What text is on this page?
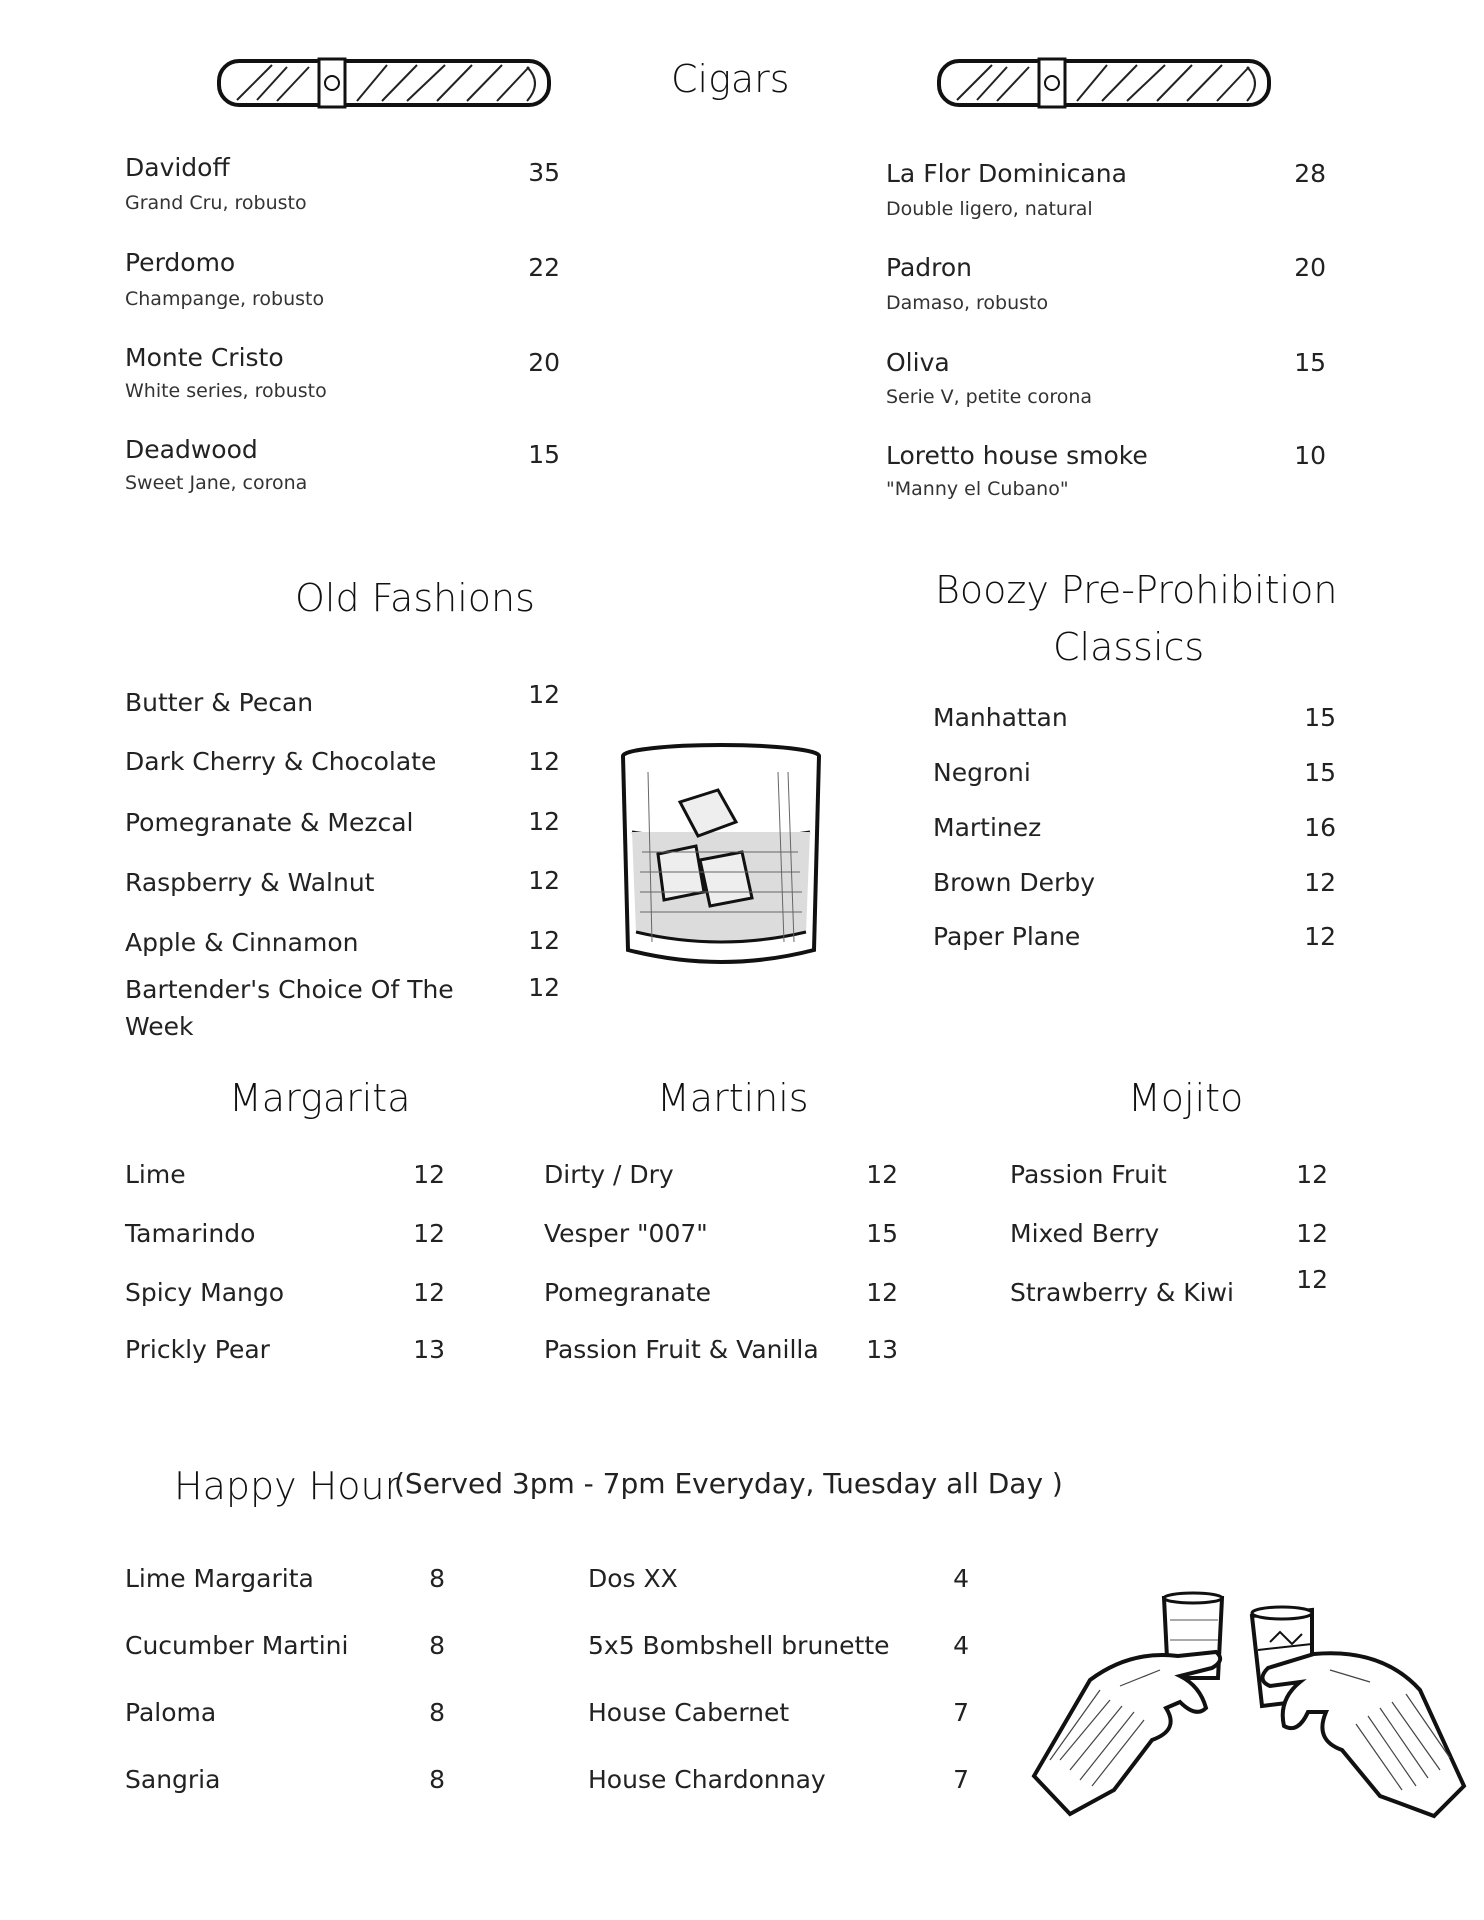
Cigars
Davidoff
Grand Cru, robusto
35
Perdomo
Champange, robusto
22
Monte Cristo
White series, robusto
20
Deadwood
Sweet Jane, corona
15
La Flor Dominicana
Double ligero, natural
28
Padron
Damaso, robusto
20
Oliva
Serie V, petite corona
15
Loretto house smoke
"Manny el Cubano"
10
Old Fashions
Butter & Pecan	12
Dark Cherry & Chocolate	12
Pomegranate & Mezcal	12
Raspberry & Walnut	12
Apple & Cinnamon	12
Bartender's Choice Of The
Week
12
Boozy Pre-Prohibition
Classics
Manhattan	15
Negroni	15
Martinez	16
Brown Derby	12
Paper Plane	12
Margarita	Martinis	Mojito
Lime	12
Tamarindo	12
Spicy Mango	12
Prickly Pear	13
Dirty / Dry	12
Vesper "007"	15
Pomegranate	12
Passion Fruit & Vanilla	13
Passion Fruit	12
Mixed Berry	12
Strawberry & Kiwi	12
Happy Hour
(Served 3pm - 7pm Everyday, Tuesday all Day )
Lime Margarita	8
Cucumber Martini	8
Paloma	8
Sangria	8
Dos XX	4
5x5 Bombshell brunette	4
House Cabernet	7
House Chardonnay	7
